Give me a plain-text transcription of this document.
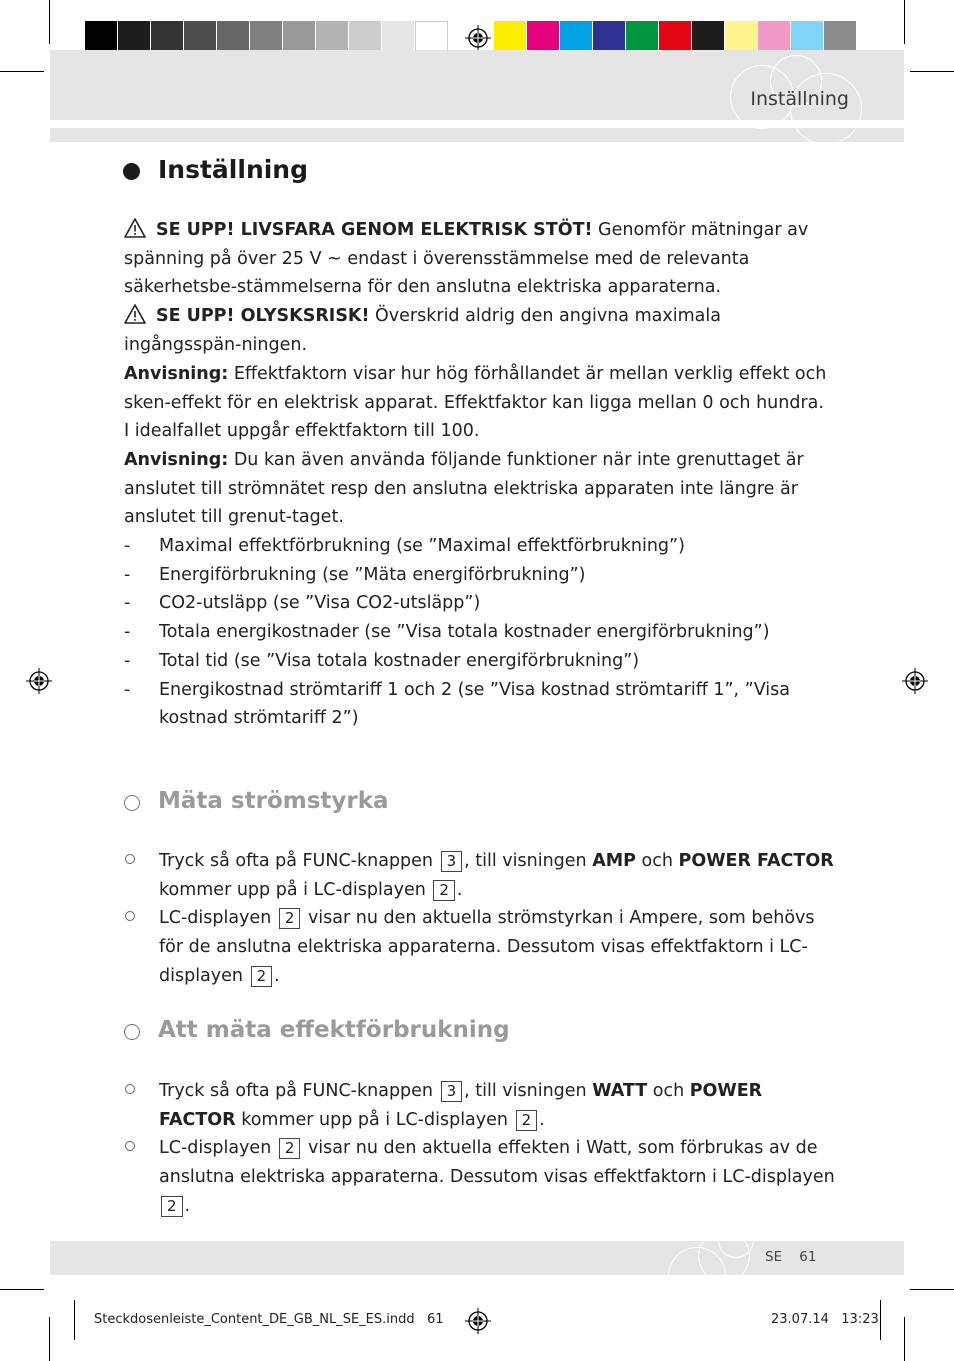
Inställning
Inställning

SE UPP! LIVSFARA GENOM ELEKTRISK STÖT! Genomför mätningar av spänning på över 25 V ~ endast i överensstämmelse med de relevanta säkerhetsbe-stämmelserna för den anslutna elektriska apparaterna.

SE UPP! OLYSKSRISK! Överskrid aldrig den angivna maximala ingångsspän-ningen.

Anvisning: Effektfaktorn visar hur hög förhållandet är mellan verklig effekt och sken-effekt för en elektrisk apparat. Effektfaktor kan ligga mellan 0 och hundra. I idealfallet uppgår effektfaktorn till 100.

Anvisning: Du kan även använda följande funktioner när inte grenuttaget är anslutet till strömnätet resp den anslutna elektriska apparaten inte längre är anslutet till grenut-taget.

- Maximal effektförbrukning (se ”Maximal effektförbrukning”)
- Energiförbrukning (se ”Mäta energiförbrukning”)
- CO2-utsläpp (se ”Visa CO2-utsläpp”)
- Totala energikostnader (se ”Visa totala kostnader energiförbrukning”)
- Total tid (se ”Visa totala kostnader energiförbrukning”)
- Energikostnad strömtariff 1 och 2 (se ”Visa kostnad strömtariff 1”, ”Visa kostnad strömtariff 2”)
Mäta strömstyrka
Tryck så ofta på FUNC-knappen 3 , till visningen AMP och POWER FACTOR kommer upp på i LC-displayen 2 .
LC-displayen 2 visar nu den aktuella strömstyrkan i Ampere, som behövs för de anslutna elektriska apparaterna. Dessutom visas effektfaktorn i LC-displayen 2 .
Att mäta effektförbrukning
Tryck så ofta på FUNC-knappen 3 , till visningen WATT och POWER FACTOR kommer upp på i LC-displayen 2 .
LC-displayen 2 visar nu den aktuella effekten i Watt, som förbrukas av de anslutna elektriska apparaterna. Dessutom visas effektfaktorn i LC-displayen 2 .
SE 61
Steckdosenleiste_Content_DE_GB_NL_SE_ES.indd   61	23.07.14   13:23
